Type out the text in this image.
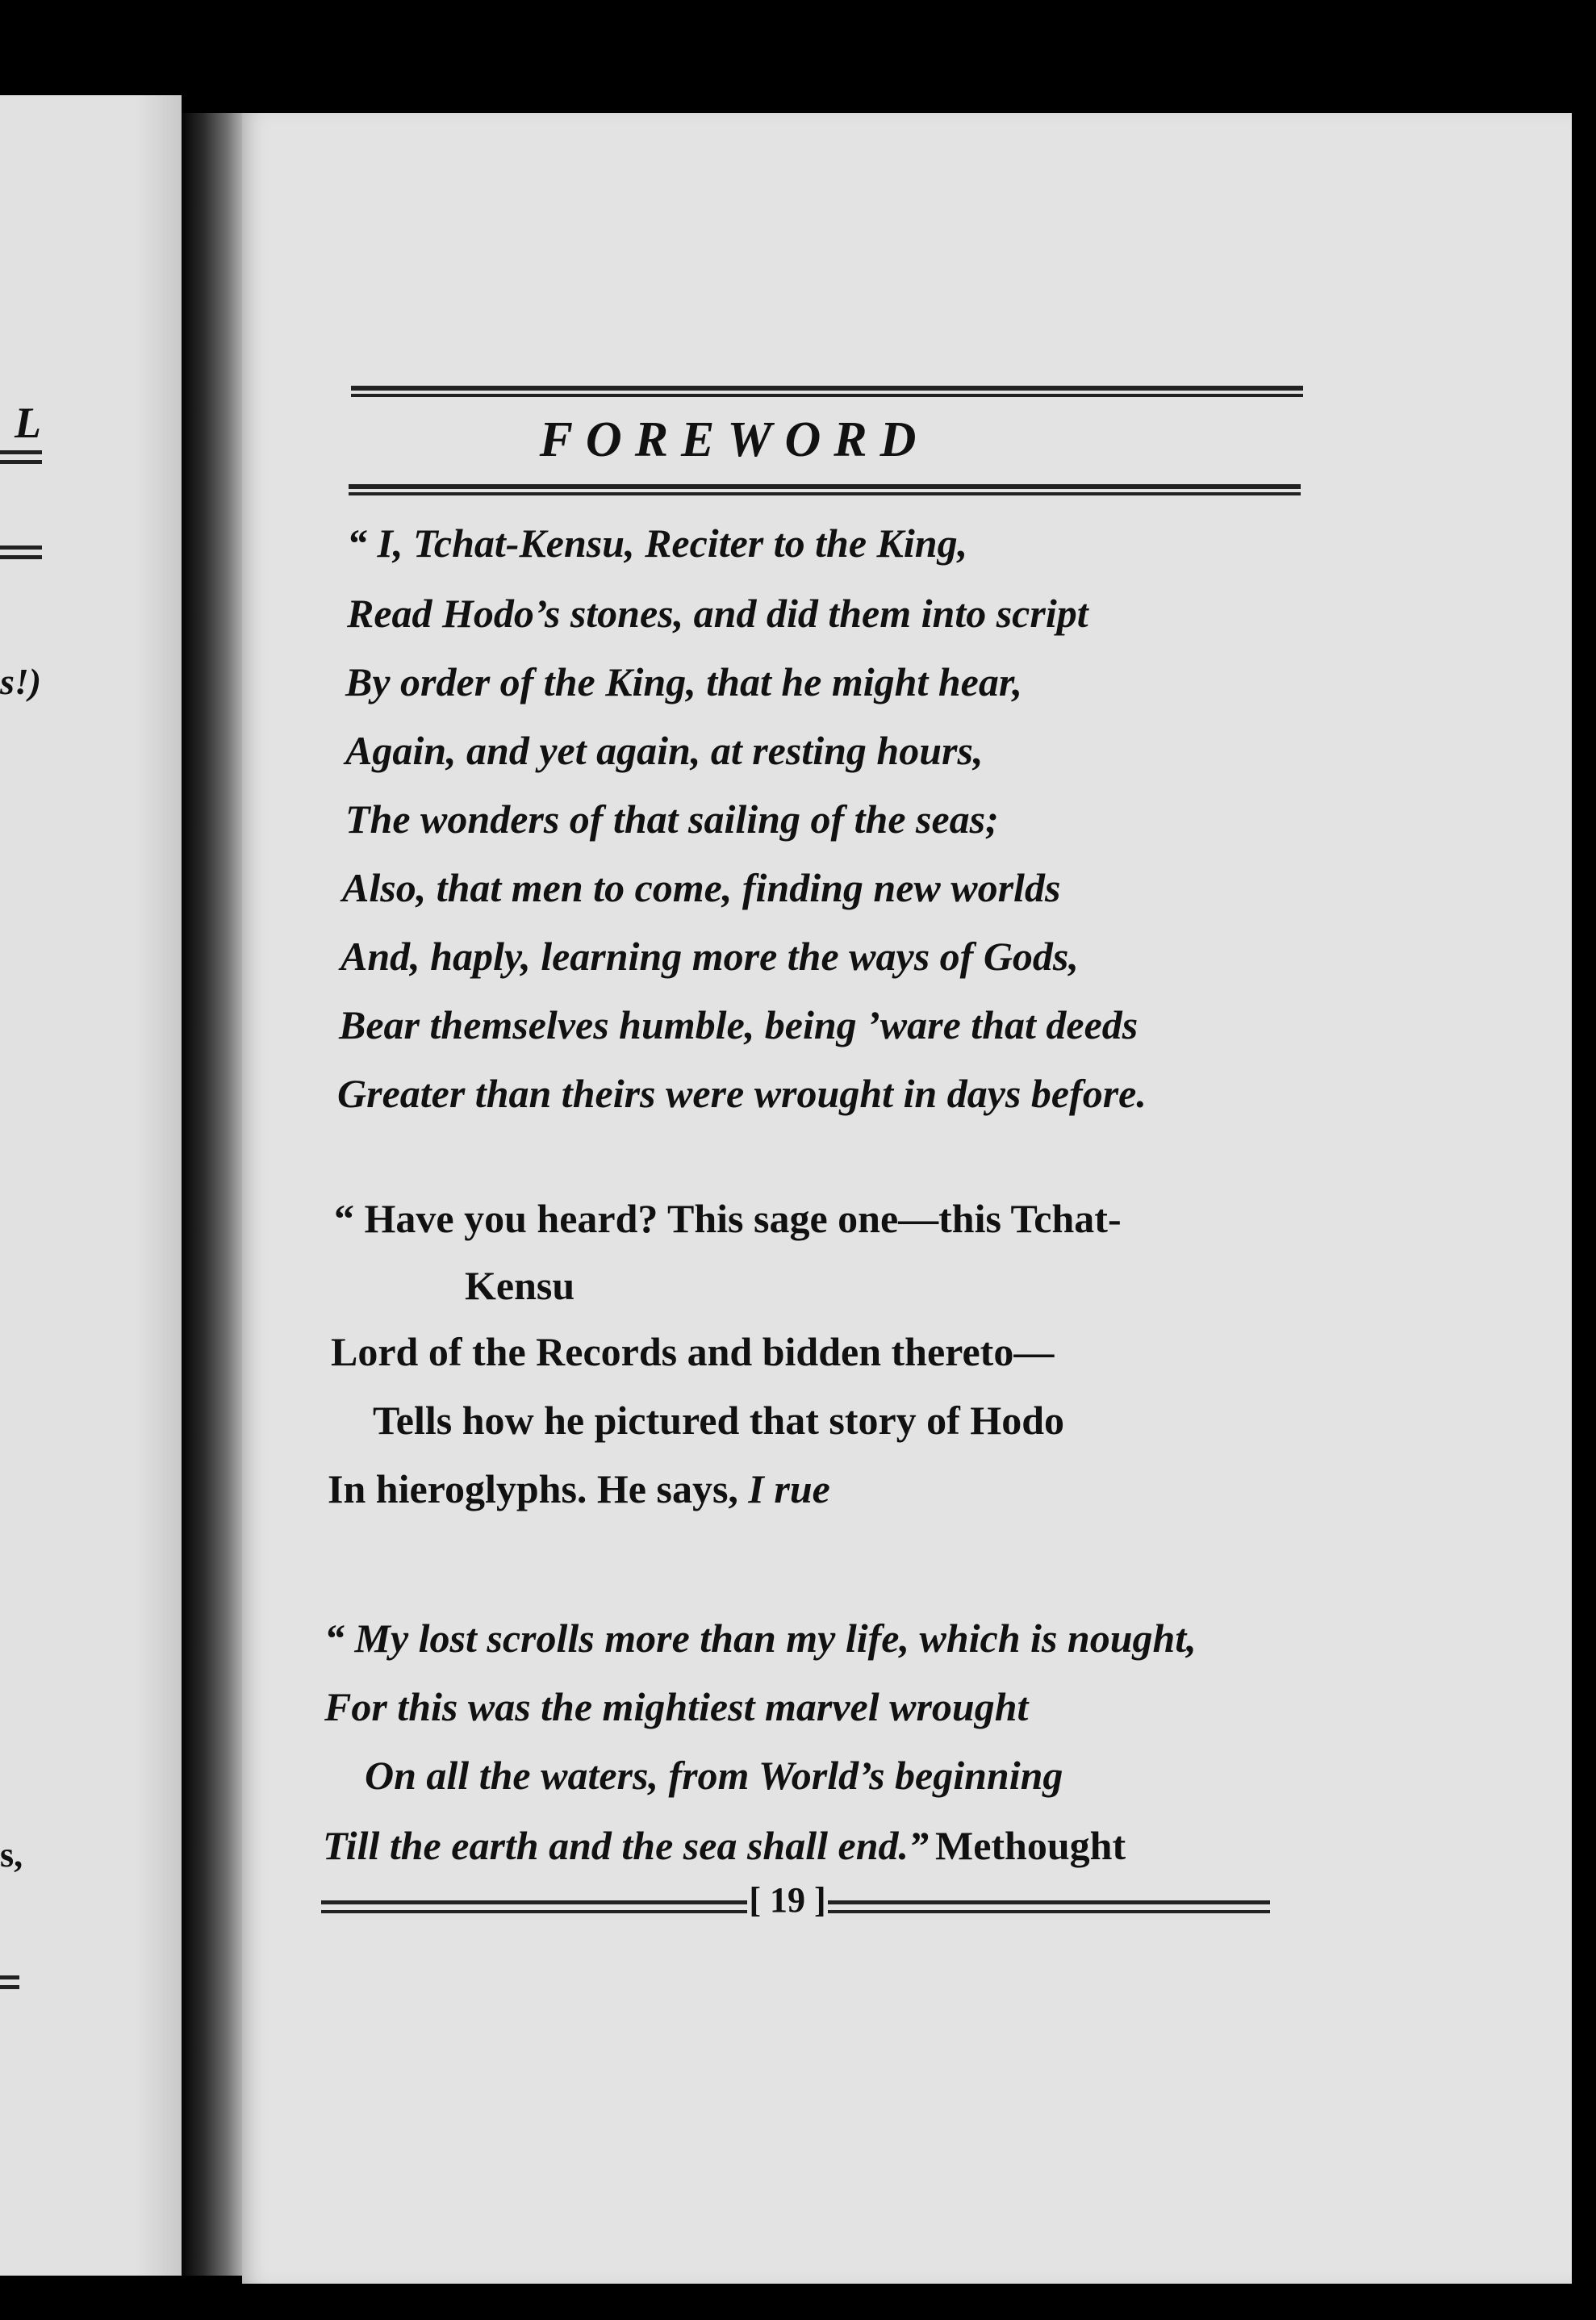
L
s!)
s,
FOREWORD
“ I, Tchat-Kensu, Reciter to the King,
Read Hodo’s stones, and did them into script
By order of the King, that he might hear,
Again, and yet again, at resting hours,
The wonders of that sailing of the seas;
Also, that men to come, finding new worlds
And, haply, learning more the ways of Gods,
Bear themselves humble, being ’ware that deeds
Greater than theirs were wrought in days before.
“ Have you heard? This sage one—this Tchat-
Kensu
Lord of the Records and bidden thereto—
Tells how he pictured that story of Hodo
In hieroglyphs. He says, I rue
“ My lost scrolls more than my life, which is nought,
For this was the mightiest marvel wrought
On all the waters, from World’s beginning
Till the earth and the sea shall end.” Methought
[ 19 ]
